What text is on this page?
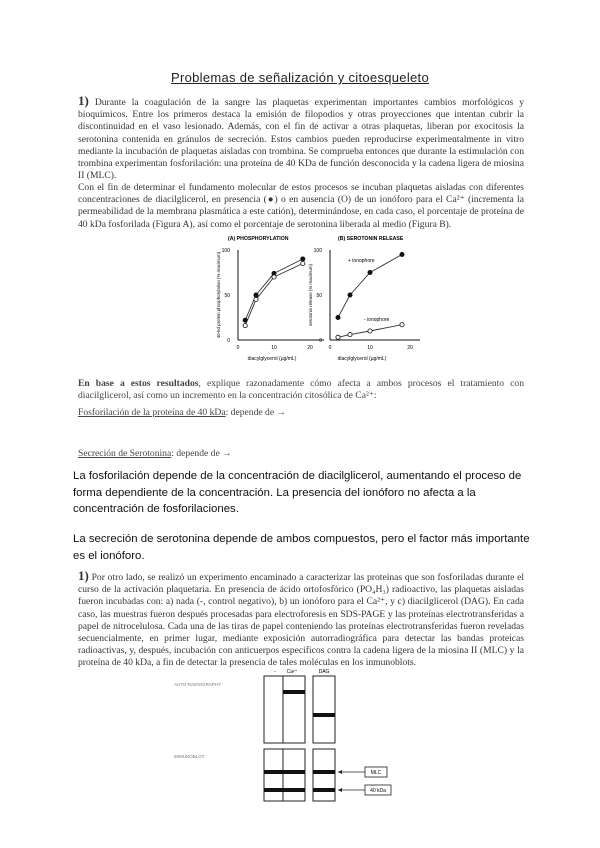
Problemas de señalización y citoesqueleto
1) Durante la coagulación de la sangre las plaquetas experimentan importantes cambios morfológicos y bioquímicos. Entre los primeros destaca la emisión de filopodios y otras proyecciones que intentan cubrir la discontinuidad en el vaso lesionado. Además, con el fin de activar a otras plaquetas, liberan por exocitosis la serotonina contenida en gránulos de secreción. Estos cambios pueden reproducirse experimentalmente in vitro mediante la incubación de plaquetas aisladas con trombina. Se comprueba entonces que durante la estimulación con trombina experimentan fosforilación: una proteína de 40 KDa de función desconocida y la cadena ligera de miosina II (MLC).
Con el fin de determinar el fundamento molecular de estos procesos se incuban plaquetas aisladas con diferentes concentraciones de diacilglicerol, en presencia (●) o en ausencia (O) de un ionóforo para el Ca²⁺ (incrementa la permeabilidad de la membrana plasmática a este catión), determinándose, en cada caso, el porcentaje de proteína de 40 kDa fosforilada (Figura A), así como el porcentaje de serotonina liberada al medio (Figura B).
(A) PHOSPHORYLATION
100
50
0
0	10	20
diacylglycerol (µg/mL)
40-kd protein phosphorylation (% maximum)
(B) SEROTONIN RELEASE
100
50
0
0	10	20
diacylglycerol (µg/mL)
serotonin release (% maximum)
+ ionophore
- ionophore
En base a estos resultados, explique razonadamente cómo afecta a ambos procesos el tratamiento con diacilglicerol, así como un incremento en la concentración citosólica de Ca²⁺:
Fosforilación de la proteína de 40 kDa: depende de →
Secreción de Serotonina: depende de →
La fosforilación depende de la concentración de diacilglicerol, aumentando el proceso de forma dependiente de la concentración. La presencia del ionóforo no afecta a la concentración de fosforilaciones.
La secreción de serotonina depende de ambos compuestos, pero el factor más importante es el ionóforo.
1) Por otro lado, se realizó un experimento encaminado a caracterizar las proteínas que son fosforiladas durante el curso de la activación plaquetaria. En presencia de ácido ortofosfórico (PO₄H₃) radioactivo, las plaquetas aisladas fueron incubadas con: a) nada (-, control negativo), b) un ionóforo para el Ca²⁺, y c) diacilglicerol (DAG). En cada caso, las muestras fueron después procesadas para electroforesis en SDS-PAGE y las proteínas electrotransferidas a papel de nitrocelulosa. Cada una de las tiras de papel conteniendo las proteínas electrotransferidas fueron reveladas secuencialmente, en primer lugar, mediante exposición autorradiográfica para detectar las bandas proteicas radioactivas, y, después, incubación con anticuerpos específicos contra la cadena ligera de la miosina II (MLC) y la proteína de 40 kDa, a fin de detectar la presencia de tales moléculas en los inmunoblots.
AUTO-RADIOGRAPHY
IMMUNOBLOT
- Ca²⁺	DAG
MLC
40 kDa
